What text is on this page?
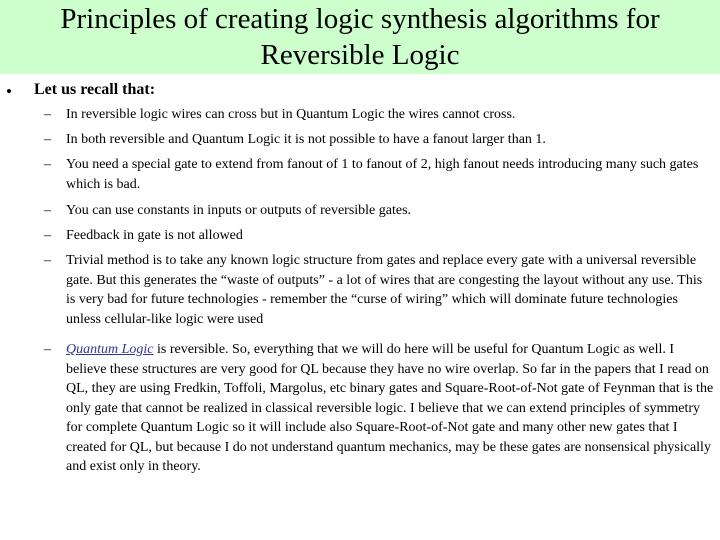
Principles of creating logic synthesis algorithms for
Reversible Logic
• Let us recall that:
–	In reversible logic wires can cross but in Quantum Logic the wires cannot cross.
–	In both reversible and Quantum Logic it is not possible to have a fanout larger than 1.
–	You need a special gate to extend from fanout of 1 to fanout of 2, high fanout needs introducing many such gates which is bad.
–	You can use constants in inputs or outputs of reversible gates.
–	Feedback in gate is not allowed
–	Trivial method is to take any known logic structure from gates and replace every gate with a universal reversible gate. But this generates the “waste of outputs” - a lot of wires that are congesting the layout without any use. This is very bad for future technologies - remember the “curse of wiring” which will dominate future technologies unless cellular-like logic were used
–	Quantum Logic is reversible. So, everything that we will do here will be useful for Quantum Logic as well. I believe these structures are very good for QL because they have no wire overlap. So far in the papers that I read on QL, they are using Fredkin, Toffoli, Margolus, etc binary gates and Square-Root-of-Not gate of Feynman that is the only gate that cannot be realized in classical reversible logic. I believe that we can extend principles of symmetry for complete Quantum Logic so it will include also Square-Root-of-Not gate and many other new gates that I created for QL, but because I do not understand quantum mechanics, may be these gates are nonsensical physically and exist only in theory.
